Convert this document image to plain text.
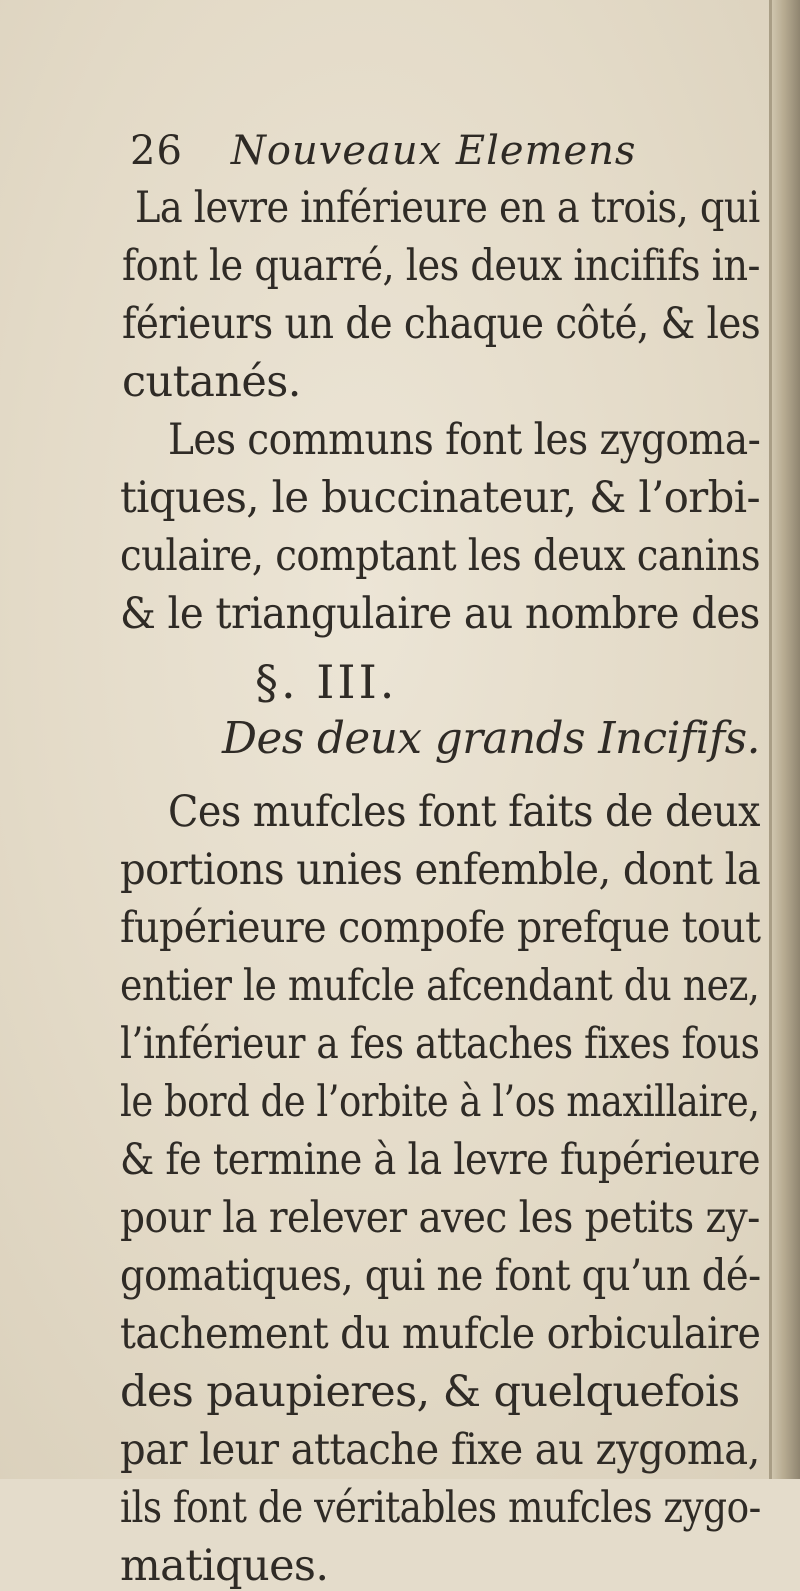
26 Nouveaux Elemens
La levre inférieure en a trois, qui
font le quarré, les deux incififs in-
férieurs un de chaque côté, & les
cutanés.
Les communs font les zygoma-
tiques, le buccinateur, & l’orbi-
culaire, comptant les deux canins
& le triangulaire au nombre des
§. III.
Des deux grands Incififs.
Ces mufcles font faits de deux
portions unies enfemble, dont la
fupérieure compofe prefque tout
entier le mufcle afcendant du nez,
l’inférieur a fes attaches fixes fous
le bord de l’orbite à l’os maxillaire,
& fe termine à la levre fupérieure
pour la relever avec les petits zy-
gomatiques, qui ne font qu’un dé-
tachement du mufcle orbiculaire
des paupieres, & quelquefois
par leur attache fixe au zygoma,
ils font de véritables mufcles zygo-
matiques.
